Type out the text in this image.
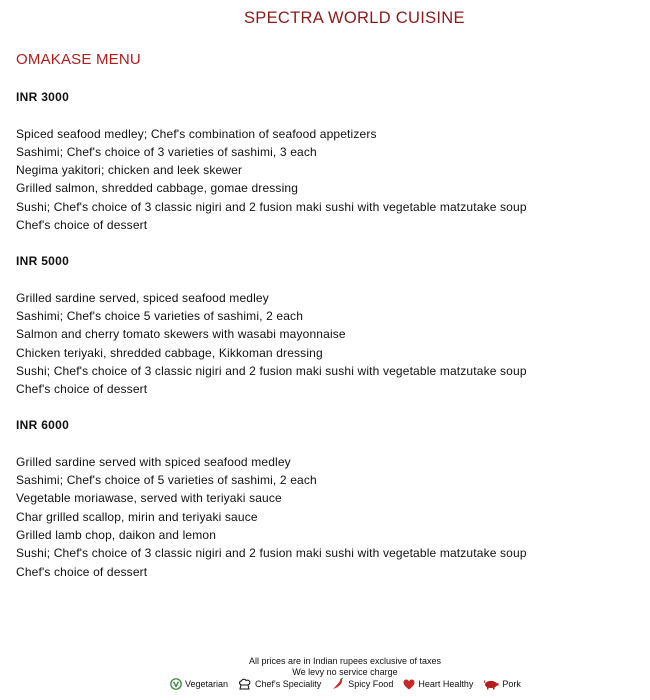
SPECTRA WORLD CUISINE
OMAKASE MENU
INR 3000
Spiced seafood medley; Chef's combination of seafood appetizers
Sashimi; Chef's choice of 3 varieties of sashimi, 3 each
Negima yakitori; chicken and leek skewer
Grilled salmon, shredded cabbage, gomae dressing
Sushi; Chef's choice of 3 classic nigiri and 2 fusion maki sushi with vegetable matzutake soup
Chef's choice of dessert
INR 5000
Grilled sardine served, spiced seafood medley
Sashimi; Chef's choice 5 varieties of sashimi, 2 each
Salmon and cherry tomato skewers with wasabi mayonnaise
Chicken teriyaki, shredded cabbage, Kikkoman dressing
Sushi; Chef's choice of 3 classic nigiri and 2 fusion maki sushi with vegetable matzutake soup
Chef's choice of dessert
INR 6000
Grilled sardine served with spiced seafood medley
Sashimi; Chef's choice of 5 varieties of sashimi, 2 each
Vegetable moriawase, served with teriyaki sauce
Char grilled scallop, mirin and teriyaki sauce
Grilled lamb chop, daikon and lemon
Sushi; Chef's choice of 3 classic nigiri and 2 fusion maki sushi with vegetable matzutake soup
Chef's choice of dessert
All prices are in Indian rupees exclusive of taxes
We levy no service charge
Vegetarian	Chef's Speciality	Spicy Food	Heart Healthy	Pork
